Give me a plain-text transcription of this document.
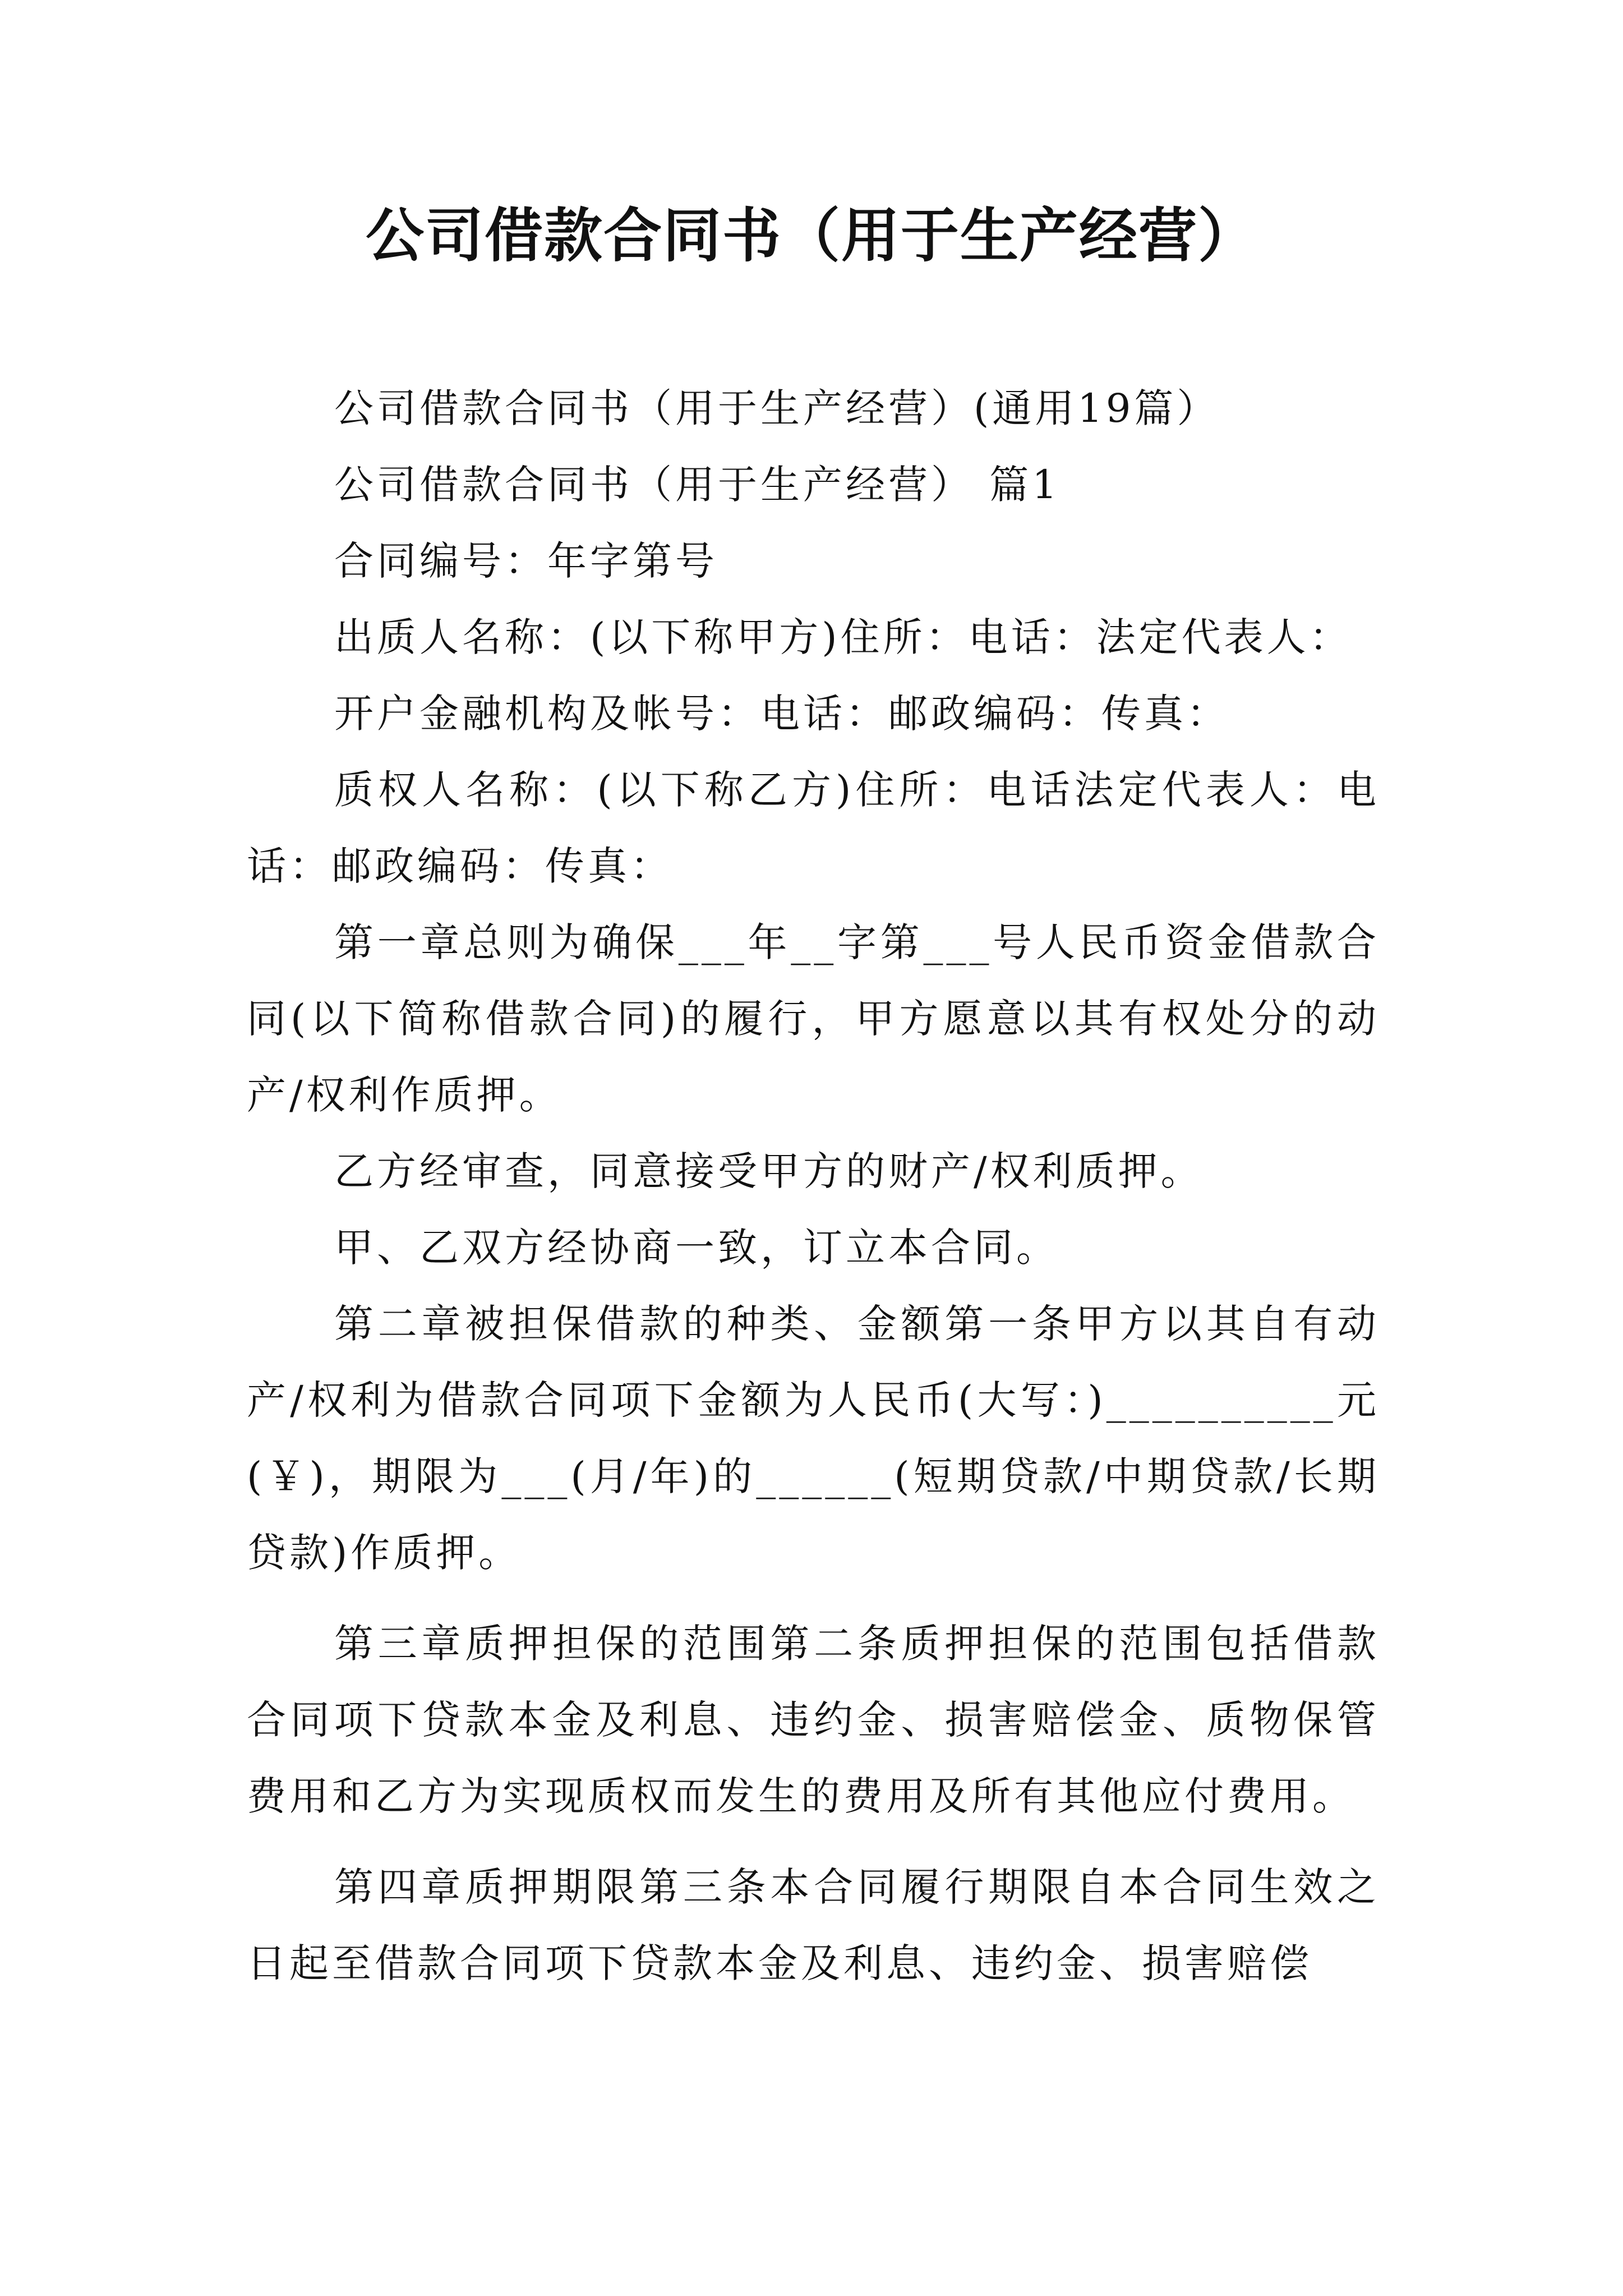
公司借款合同书（用于生产经营）

公司借款合同书（用于生产经营）(通用19篇）

公司借款合同书（用于生产经营） 篇1

合同编号：年字第号

出质人名称：(以下称甲方)住所：电话：法定代表人：

开户金融机构及帐号：电话：邮政编码：传真：

质权人名称：(以下称乙方)住所：电话法定代表人：电话：邮政编码：传真：

第一章总则为确保___年__字第___号人民币资金借款合同(以下简称借款合同)的履行，甲方愿意以其有权处分的动产/权利作质押。

乙方经审查，同意接受甲方的财产/权利质押。

甲、乙双方经协商一致，订立本合同。

第二章被担保借款的种类、金额第一条甲方以其自有动产/权利为借款合同项下金额为人民币(大写：)__________元(￥)，期限为___(月/年)的______(短期贷款/中期贷款/长期贷款)作质押。

第三章质押担保的范围第二条质押担保的范围包括借款合同项下贷款本金及利息、违约金、损害赔偿金、质物保管费用和乙方为实现质权而发生的费用及所有其他应付费用。

第四章质押期限第三条本合同履行期限自本合同生效之日起至借款合同项下贷款本金及利息、违约金、损害赔偿
